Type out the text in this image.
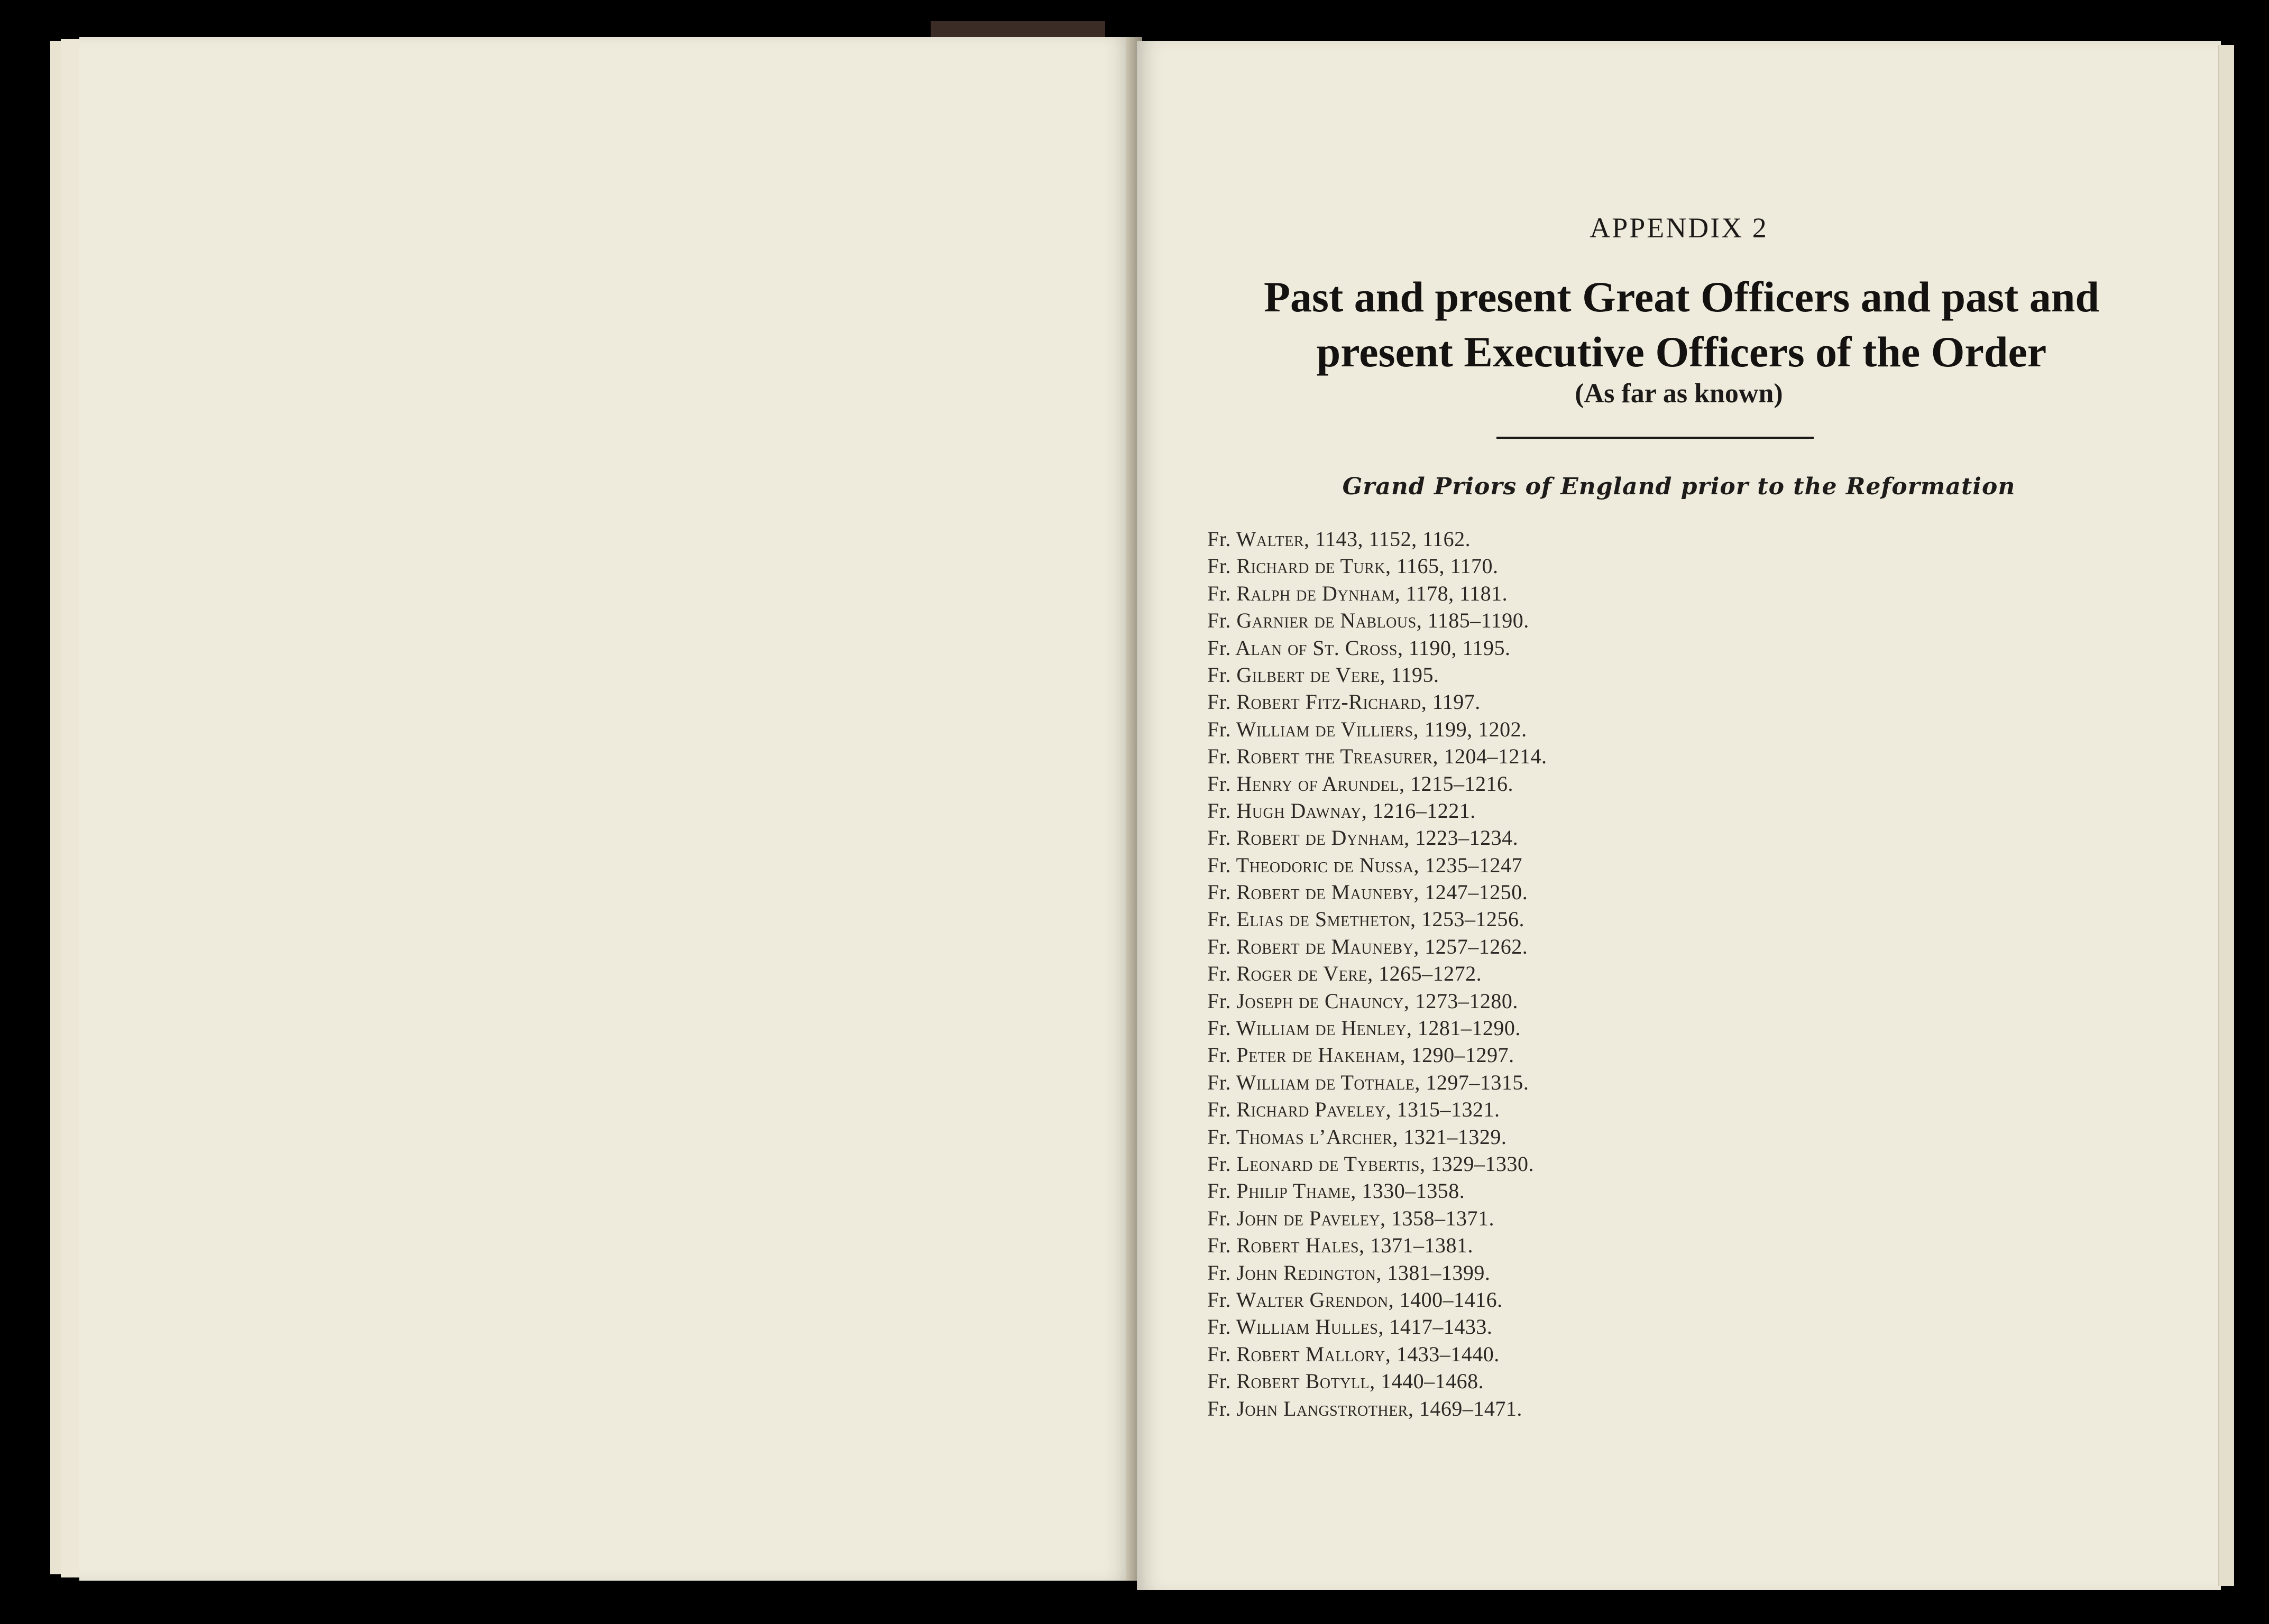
APPENDIX 2
Past and present Great Officers and past and
present Executive Officers of the Order
(As far as known)
Grand Priors of England prior to the Reformation
Fr. Walter, 1143, 1152, 1162.
Fr. Richard de Turk, 1165, 1170.
Fr. Ralph de Dynham, 1178, 1181.
Fr. Garnier de Nablous, 1185–1190.
Fr. Alan of St. Cross, 1190, 1195.
Fr. Gilbert de Vere, 1195.
Fr. Robert Fitz-Richard, 1197.
Fr. William de Villiers, 1199, 1202.
Fr. Robert the Treasurer, 1204–1214.
Fr. Henry of Arundel, 1215–1216.
Fr. Hugh Dawnay, 1216–1221.
Fr. Robert de Dynham, 1223–1234.
Fr. Theodoric de Nussa, 1235–1247
Fr. Robert de Mauneby, 1247–1250.
Fr. Elias de Smetheton, 1253–1256.
Fr. Robert de Mauneby, 1257–1262.
Fr. Roger de Vere, 1265–1272.
Fr. Joseph de Chauncy, 1273–1280.
Fr. William de Henley, 1281–1290.
Fr. Peter de Hakeham, 1290–1297.
Fr. William de Tothale, 1297–1315.
Fr. Richard Paveley, 1315–1321.
Fr. Thomas l’Archer, 1321–1329.
Fr. Leonard de Tybertis, 1329–1330.
Fr. Philip Thame, 1330–1358.
Fr. John de Paveley, 1358–1371.
Fr. Robert Hales, 1371–1381.
Fr. John Redington, 1381–1399.
Fr. Walter Grendon, 1400–1416.
Fr. William Hulles, 1417–1433.
Fr. Robert Mallory, 1433–1440.
Fr. Robert Botyll, 1440–1468.
Fr. John Langstrother, 1469–1471.
